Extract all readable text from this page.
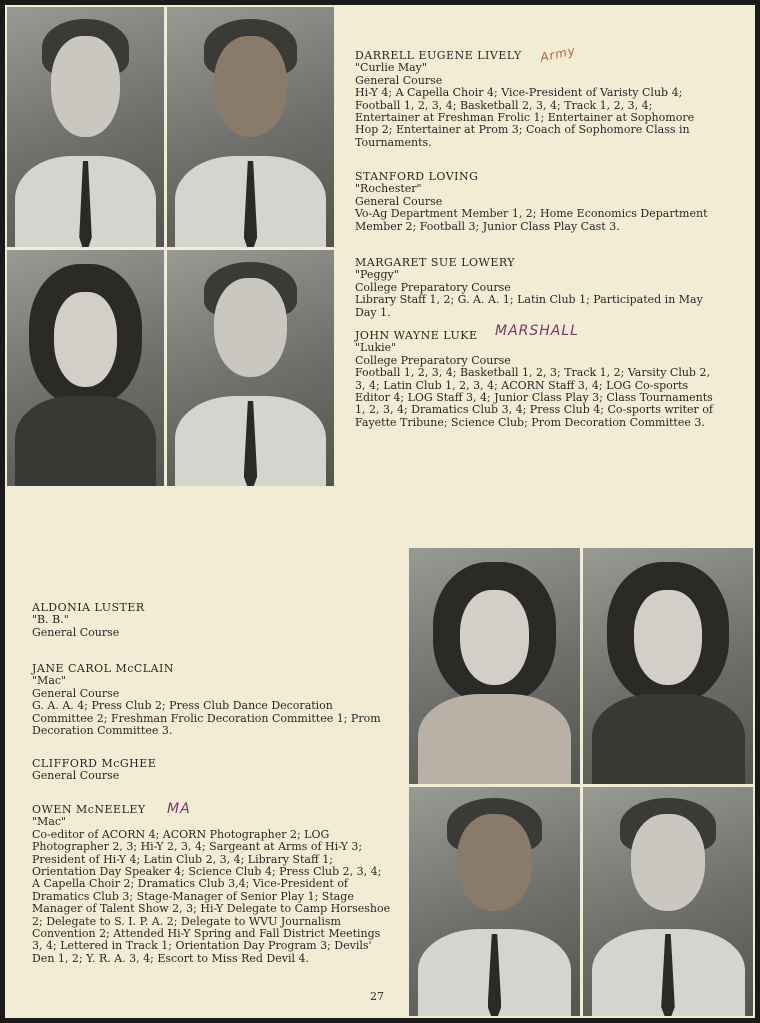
DARRELL EUGENE LIVELY

"Curlie May"

General Course

Hi-Y 4; A Capella Choir 4; Vice-President of Varisty Club 4; Football 1, 2, 3, 4; Basketball 2, 3, 4; Track 1, 2, 3, 4; Entertainer at Freshman Frolic 1; Entertainer at Sophomore Hop 2; Entertainer at Prom 3; Coach of Sophomore Class in Tournaments.

Army

STANFORD LOVING

"Rochester"

General Course

Vo-Ag Department Member 1, 2; Home Economics Department Member 2; Football 3; Junior Class Play Cast 3.

MARGARET SUE LOWERY

"Peggy"

College Preparatory Course

Library Staff 1, 2; G. A. A. 1; Latin Club 1; Participated in May Day 1.

JOHN WAYNE LUKE

"Lukie"

College Preparatory Course

Football 1, 2, 3, 4; Basketball 1, 2, 3; Track 1, 2; Varsity Club 2, 3, 4; Latin Club 1, 2, 3, 4; ACORN Staff 3, 4; LOG Co-sports Editor 4; LOG Staff 3, 4; Junior Class Play 3; Class Tournaments 1, 2, 3, 4; Dramatics Club 3, 4; Press Club 4; Co-sports writer of Fayette Tribune; Science Club; Prom Decoration Committee 3.

MARSHALL

ALDONIA LUSTER

"B. B."

General Course

JANE CAROL McCLAIN

"Mac"

General Course

G. A. A. 4; Press Club 2; Press Club Dance Decoration Committee 2; Freshman Frolic Decoration Committee 1; Prom Decoration Committee 3.

CLIFFORD McGHEE

General Course

OWEN McNEELEY

"Mac"

Co-editor of ACORN 4; ACORN Photographer 2; LOG Photographer 2, 3; Hi-Y 2, 3, 4; Sargeant at Arms of Hi-Y 3; President of Hi-Y 4; Latin Club 2, 3, 4; Library Staff 1; Orientation Day Speaker 4; Science Club 4; Press Club 2, 3, 4; A Capella Choir 2; Dramatics Club 3,4; Vice-President of Dramatics Club 3; Stage-Manager of Senior Play 1; Stage Manager of Talent Show 2, 3; Hi-Y Delegate to Camp Horseshoe 2; Delegate to S. I. P. A. 2; Delegate to WVU Journalism Convention 2; Attended Hi-Y Spring and Fall District Meetings 3, 4; Lettered in Track 1; Orientation Day Program 3; Devils' Den 1, 2; Y. R. A. 3, 4; Escort to Miss Red Devil 4.

MA
27
